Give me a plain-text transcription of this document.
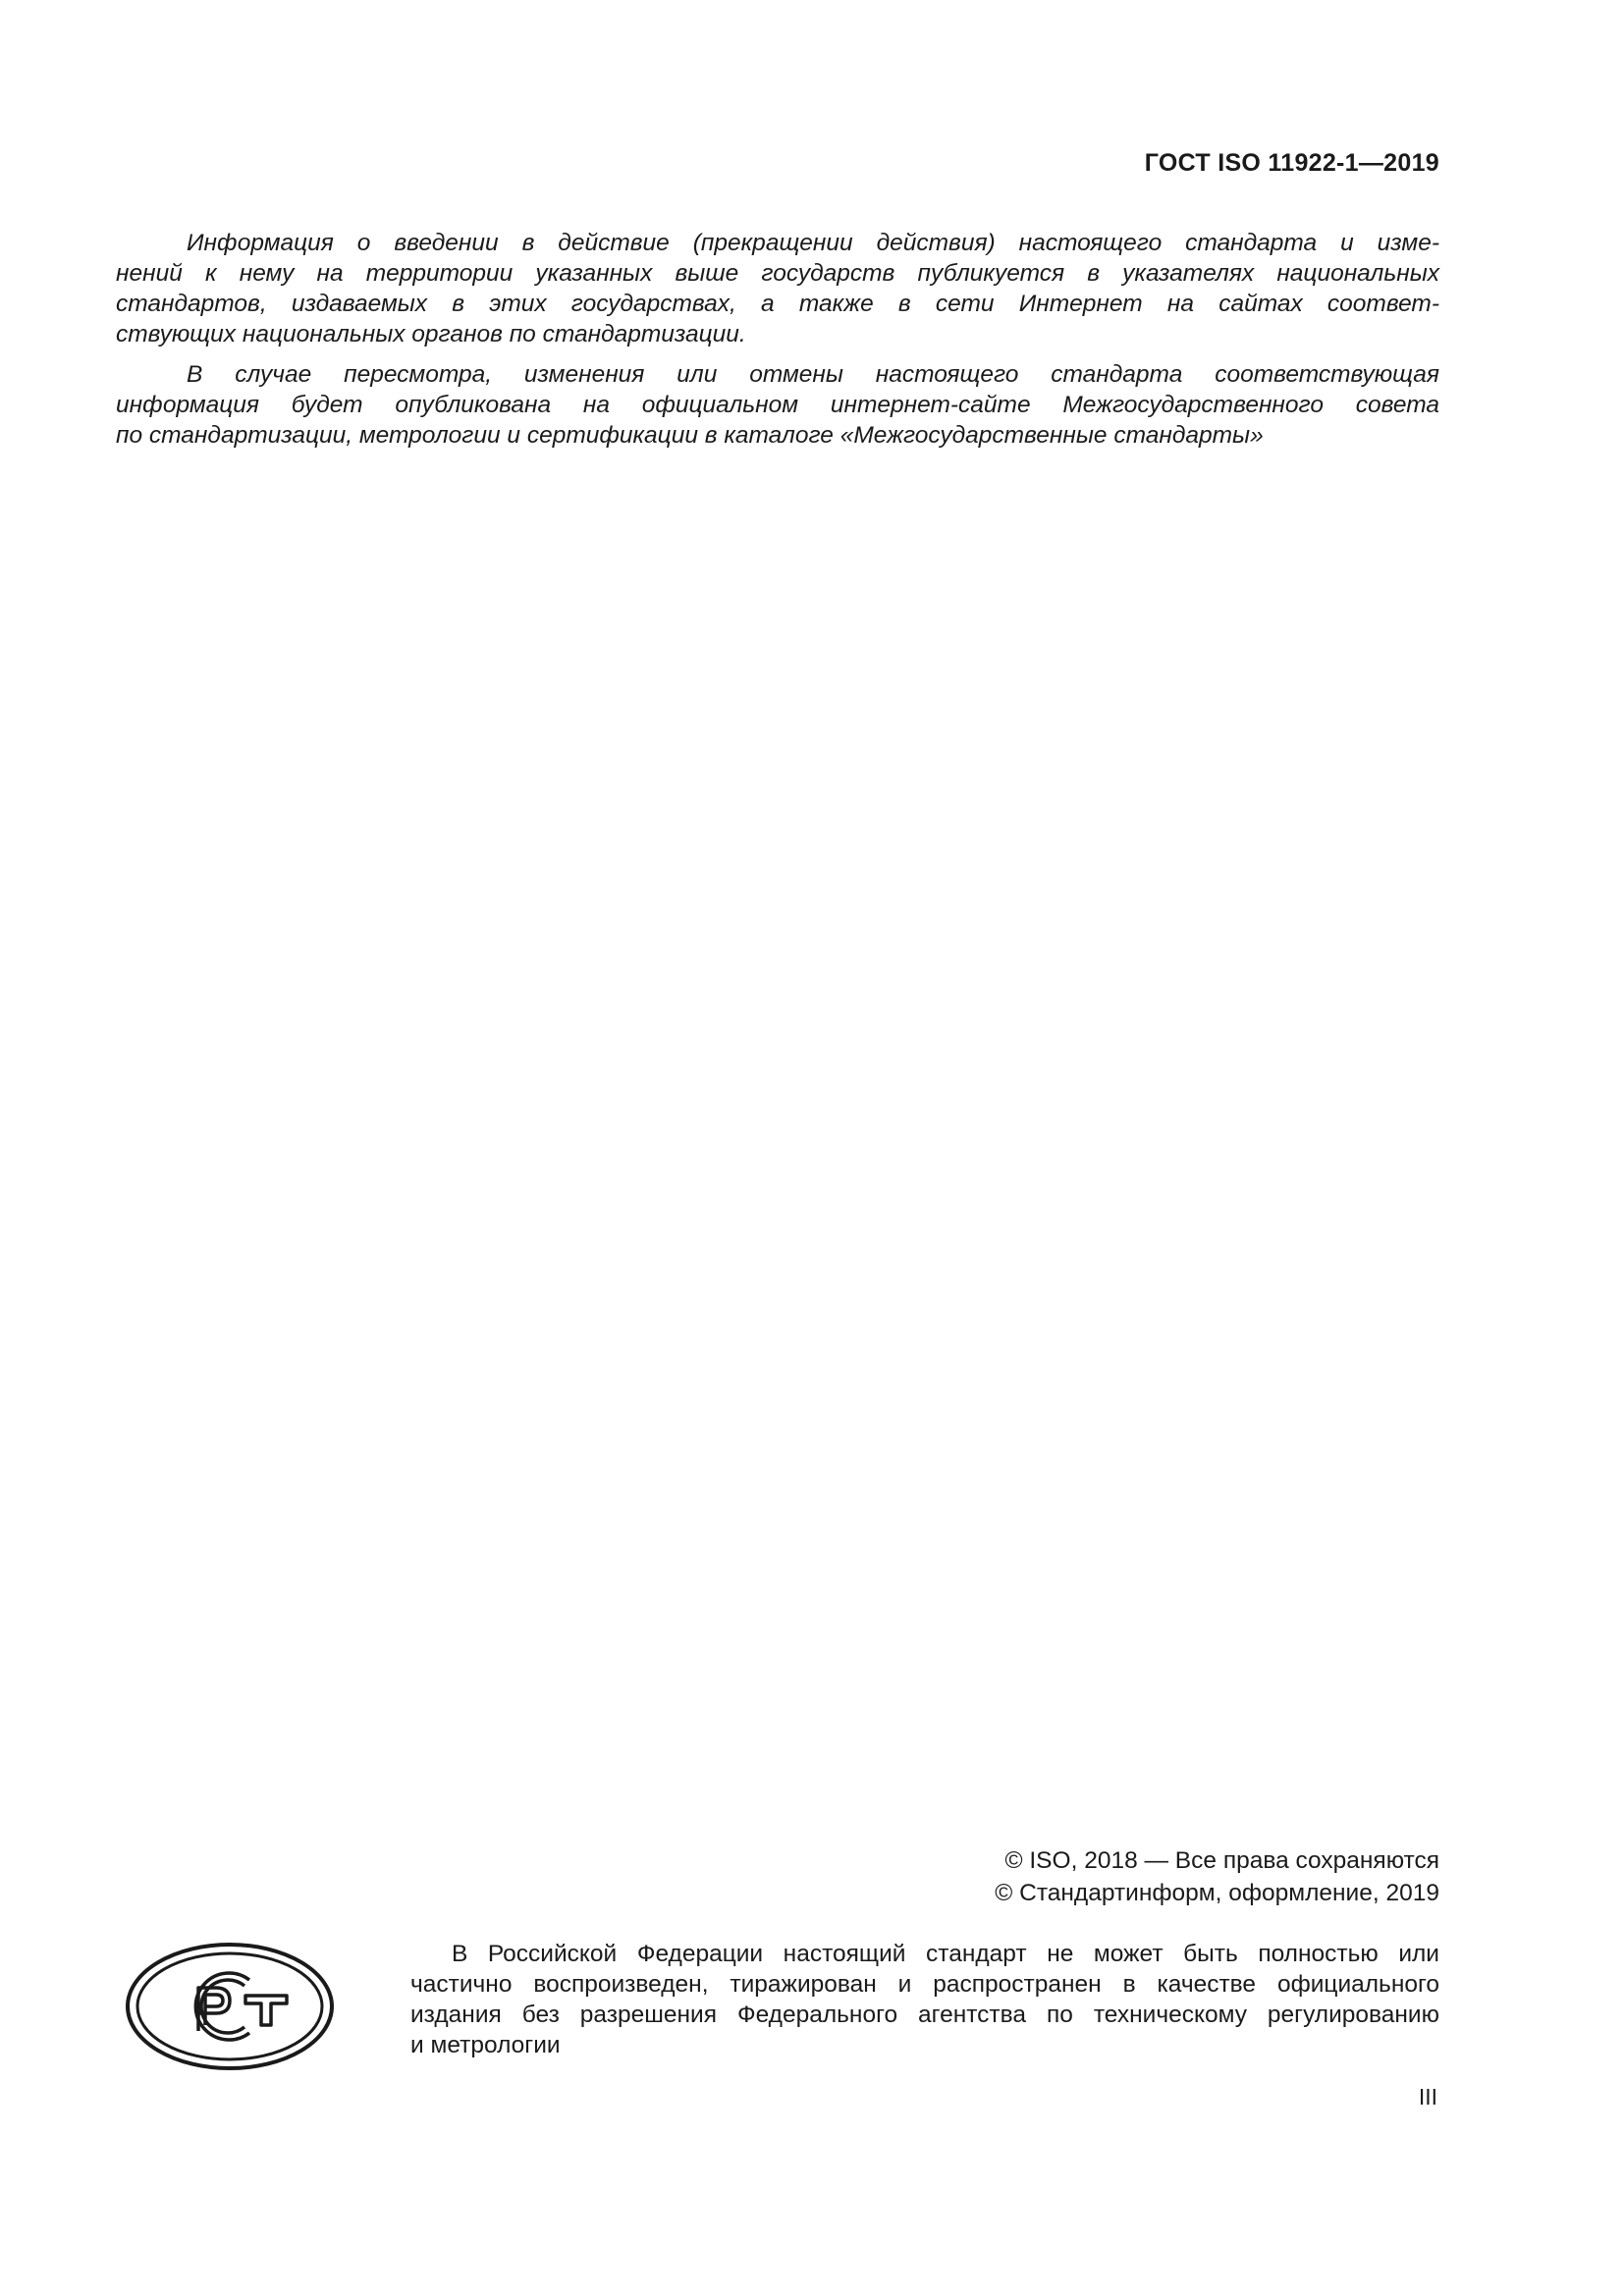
ГОСТ ISO 11922-1—2019
Информация о введении в действие (прекращении действия) настоящего стандарта и изме-
нений к нему на территории указанных выше государств публикуется в указателях национальных
стандартов, издаваемых в этих государствах, а также в сети Интернет на сайтах соответ-
ствующих национальных органов по стандартизации.
В случае пересмотра, изменения или отмены настоящего стандарта соответствующая
информация будет опубликована на официальном интернет-сайте Межгосударственного совета
по стандартизации, метрологии и сертификации в каталоге «Межгосударственные стандарты»
© ISO, 2018 — Все права сохраняются
© Стандартинформ, оформление, 2019
В Российской Федерации настоящий стандарт не может быть полностью или
частично воспроизведен, тиражирован и распространен в качестве официального
издания без разрешения Федерального агентства по техническому регулированию
и метрологии
III
